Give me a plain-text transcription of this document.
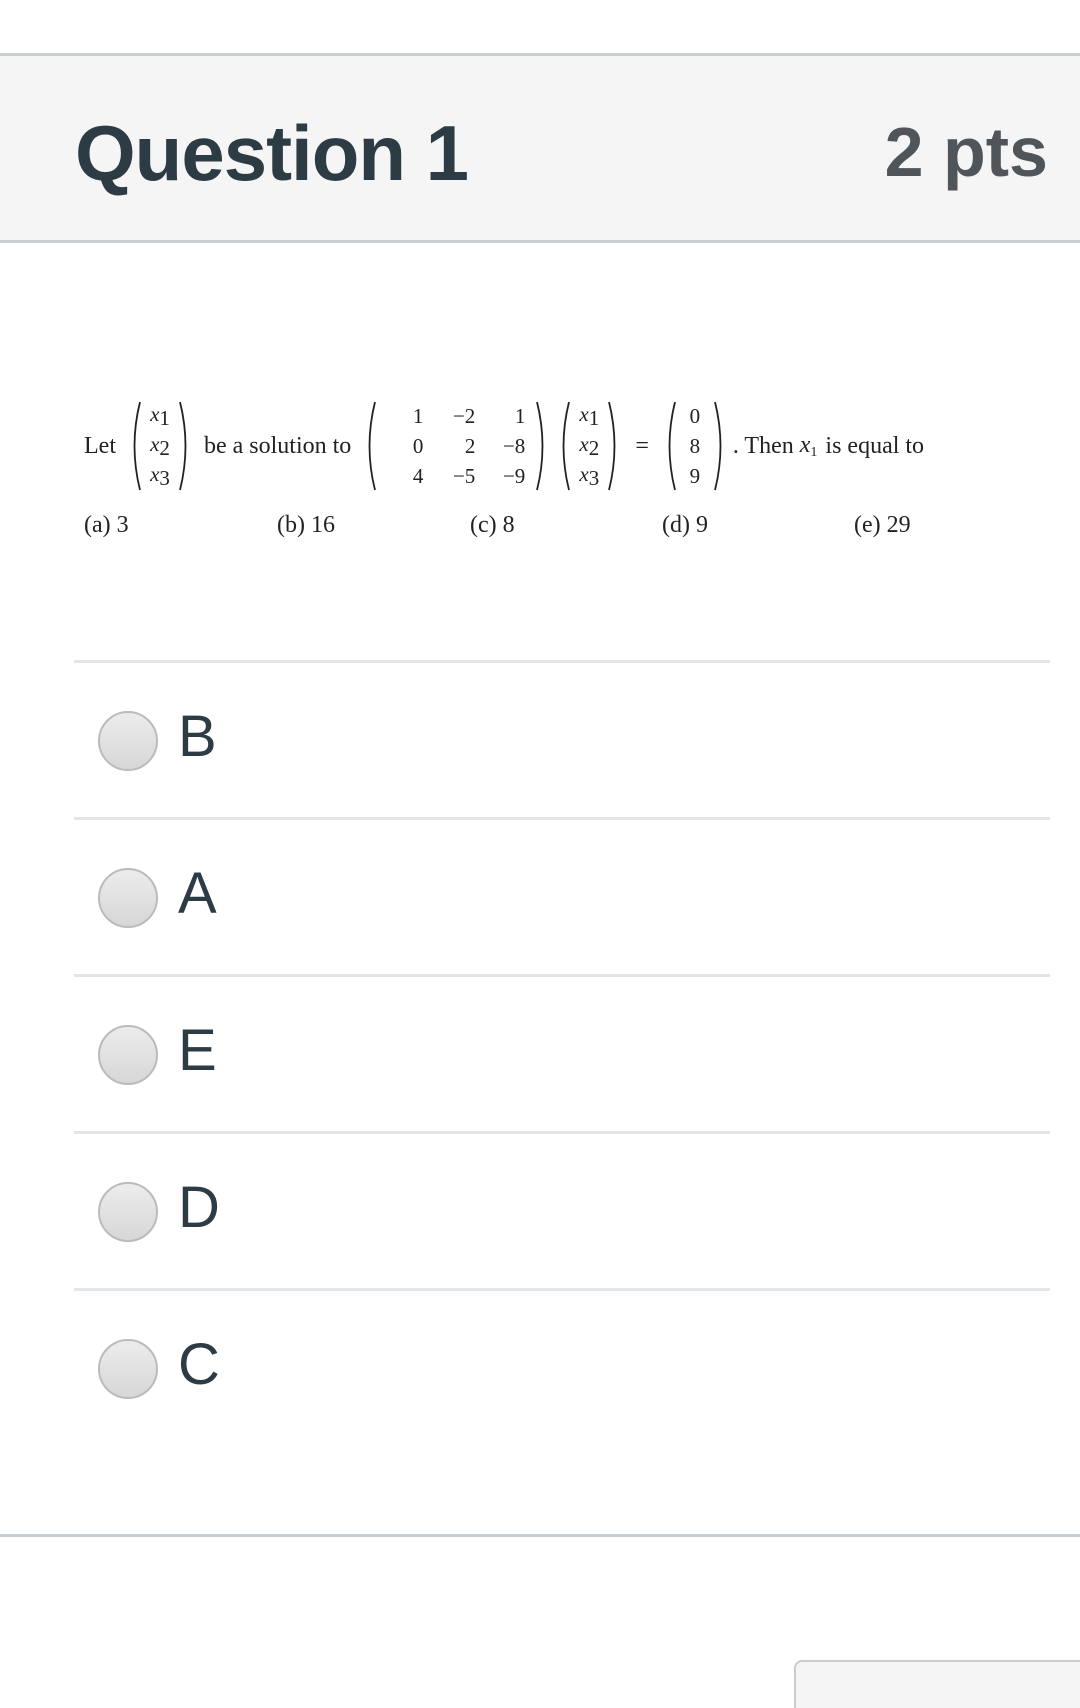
Question 1	2 pts
Let
x1
x2
x3
be a solution to
1 −2 1
0 2 −8
4 −5 −9
x1
x2
x3
=
0
8
9
. Then $x_1$ is equal to
(a) 3	(b) 16	(c) 8	(d) 9	(e) 29
B
A
E
D
C
